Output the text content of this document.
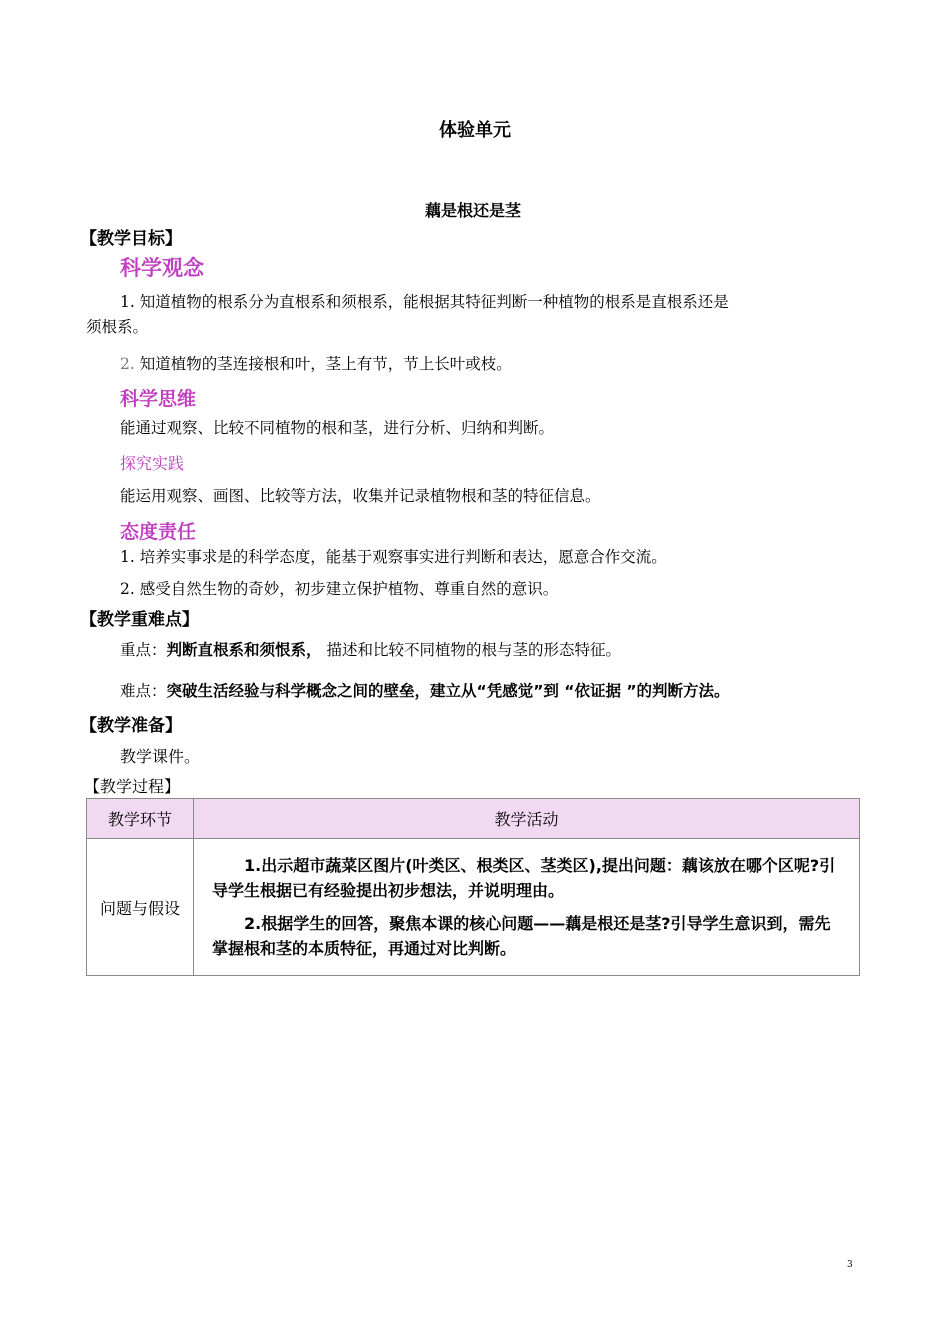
体验单元
藕是根还是茎
【教学目标】
科学观念
1. 知道植物的根系分为直根系和须根系，能根据其特征判断一种植物的根系是直根系还是
须根系。
2. 知道植物的茎连接根和叶，茎上有节，节上长叶或枝。
科学思维
能通过观察、比较不同植物的根和茎，进行分析、归纳和判断。
探究实践
能运用观察、画图、比较等方法，收集并记录植物根和茎的特征信息。
态度责任
1. 培养实事求是的科学态度，能基于观察事实进行判断和表达，愿意合作交流。
2. 感受自然生物的奇妙，初步建立保护植物、尊重自然的意识。
【教学重难点】
重点：判断直根系和须恨系， 描述和比较不同植物的根与茎的形态特征。
难点：突破生活经验与科学概念之间的壁垒，建立从“凭感觉”到 “依证据 ”的判断方法。
【教学准备】
教学课件。
【教学过程】
教学环节	教学活动
问题与假设	1.出示超市蔬菜区图片(叶类区、根类区、茎类区),提出问题：藕该放在哪个区呢?引导学生根据已有经验提出初步想法，并说明理由。

2.根据学生的回答，聚焦本课的核心问题——藕是根还是茎?引导学生意识到，需先掌握根和茎的本质特征，再通过对比判断。

3
